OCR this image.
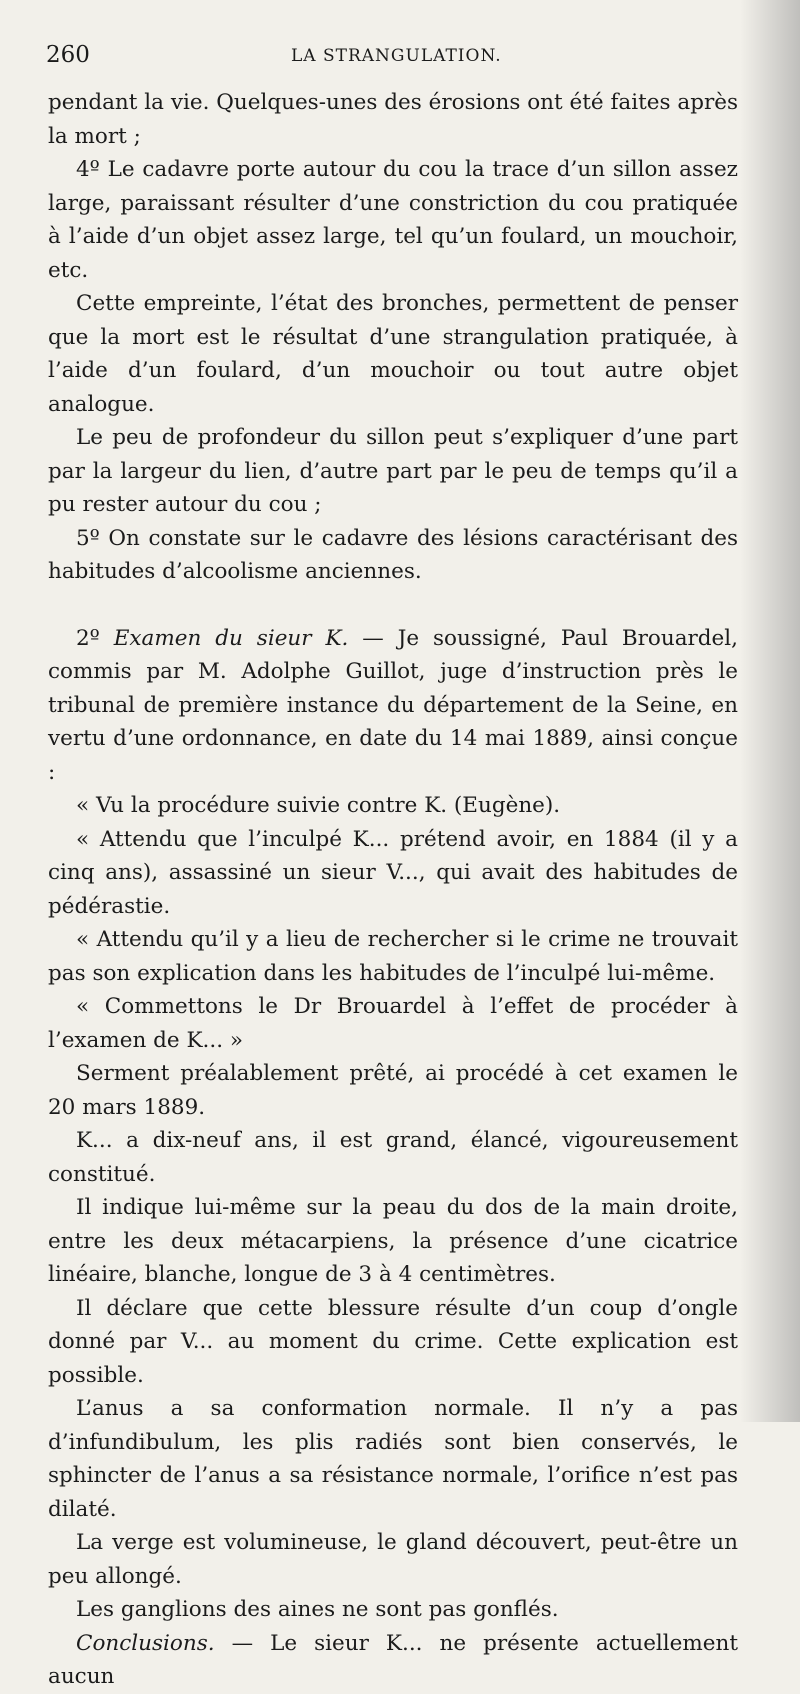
260	LA STRANGULATION.

pendant la vie. Quelques-unes des érosions ont été faites après la mort ;

4º Le cadavre porte autour du cou la trace d’un sillon assez large, paraissant résulter d’une constriction du cou pratiquée à l’aide d’un objet assez large, tel qu’un foulard, un mouchoir, etc.

Cette empreinte, l’état des bronches, permettent de penser que la mort est le résultat d’une strangulation pratiquée, à l’aide d’un foulard, d’un mouchoir ou tout autre objet analogue.

Le peu de profondeur du sillon peut s’expliquer d’une part par la largeur du lien, d’autre part par le peu de temps qu’il a pu rester autour du cou ;

5º On constate sur le cadavre des lésions caractérisant des habitudes d’alcoolisme anciennes.

2º Examen du sieur K. — Je soussigné, Paul Brouardel, commis par M. Adolphe Guillot, juge d’instruction près le tribunal de première instance du département de la Seine, en vertu d’une ordonnance, en date du 14 mai 1889, ainsi conçue :

« Vu la procédure suivie contre K. (Eugène).

« Attendu que l’inculpé K... prétend avoir, en 1884 (il y a cinq ans), assassiné un sieur V..., qui avait des habitudes de pédérastie.

« Attendu qu’il y a lieu de rechercher si le crime ne trouvait pas son explication dans les habitudes de l’inculpé lui-même.

« Commettons le Dr Brouardel à l’effet de procéder à l’examen de K... »

Serment préalablement prêté, ai procédé à cet examen le 20 mars 1889.

K... a dix-neuf ans, il est grand, élancé, vigoureusement constitué.

Il indique lui-même sur la peau du dos de la main droite, entre les deux métacarpiens, la présence d’une cicatrice linéaire, blanche, longue de 3 à 4 centimètres.

Il déclare que cette blessure résulte d’un coup d’ongle donné par V... au moment du crime. Cette explication est possible.

L’anus a sa conformation normale. Il n’y a pas d’infundibulum, les plis radiés sont bien conservés, le sphincter de l’anus a sa résistance normale, l’orifice n’est pas dilaté.

La verge est volumineuse, le gland découvert, peut-être un peu allongé.

Les ganglions des aines ne sont pas gonflés.

Conclusions. — Le sieur K... ne présente actuellement aucun
